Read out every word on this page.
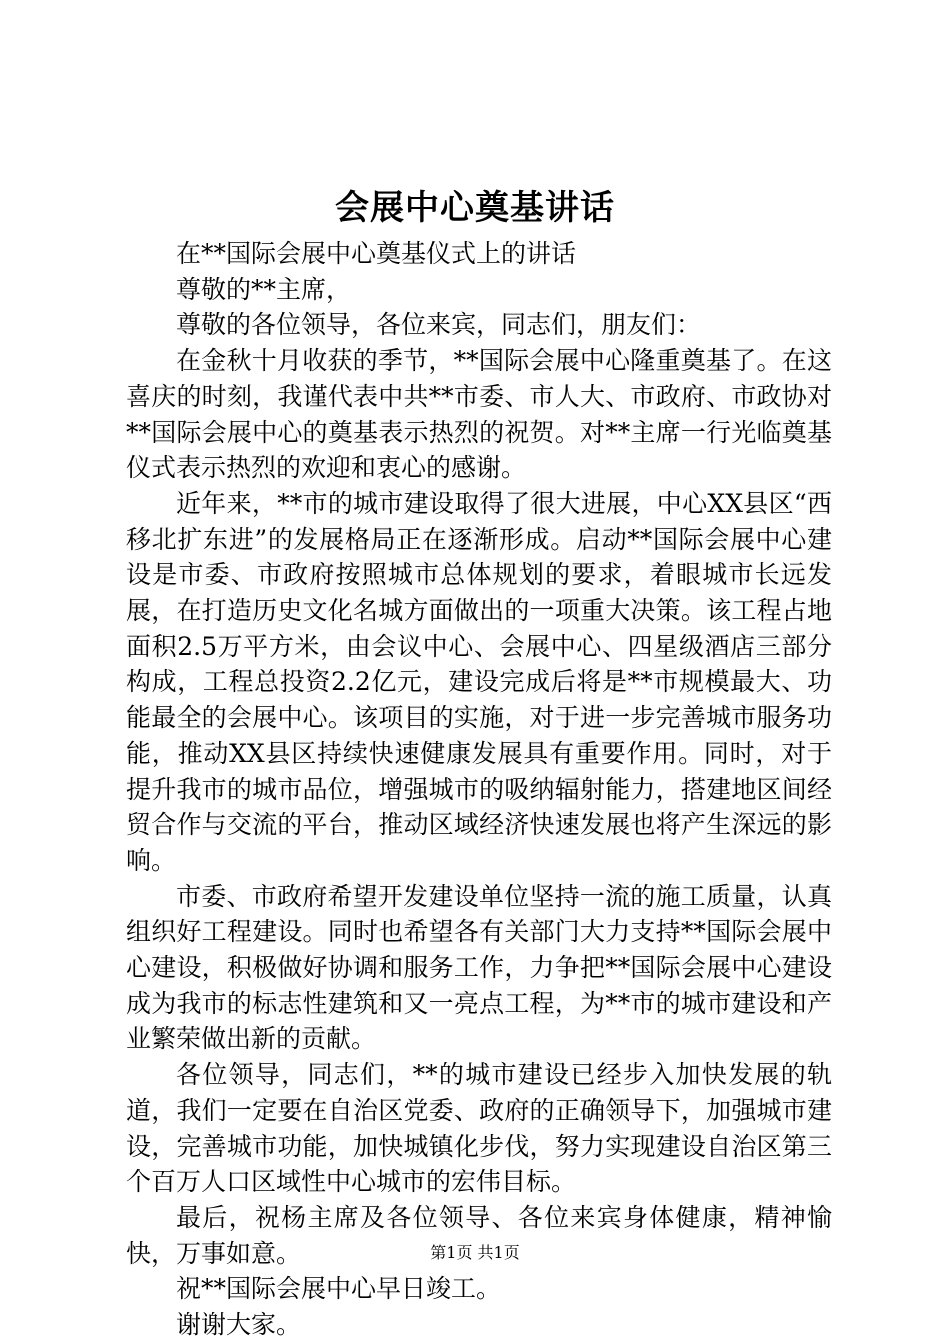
会展中心奠基讲话

在**国际会展中心奠基仪式上的讲话

尊敬的**主席，

尊敬的各位领导，各位来宾，同志们，朋友们：

在金秋十月收获的季节，**国际会展中心隆重奠基了。在这喜庆的时刻，我谨代表中共**市委、市人大、市政府、市政协对**国际会展中心的奠基表示热烈的祝贺。对**主席一行光临奠基仪式表示热烈的欢迎和衷心的感谢。

近年来，**市的城市建设取得了很大进展，中心XX县区“西移北扩东进”的发展格局正在逐渐形成。启动**国际会展中心建设是市委、市政府按照城市总体规划的要求，着眼城市长远发展，在打造历史文化名城方面做出的一项重大决策。该工程占地面积2.5万平方米，由会议中心、会展中心、四星级酒店三部分构成，工程总投资2.2亿元，建设完成后将是**市规模最大、功能最全的会展中心。该项目的实施，对于进一步完善城市服务功能，推动XX县区持续快速健康发展具有重要作用。同时，对于提升我市的城市品位，增强城市的吸纳辐射能力，搭建地区间经贸合作与交流的平台，推动区域经济快速发展也将产生深远的影响。

市委、市政府希望开发建设单位坚持一流的施工质量，认真组织好工程建设。同时也希望各有关部门大力支持**国际会展中心建设，积极做好协调和服务工作，力争把**国际会展中心建设成为我市的标志性建筑和又一亮点工程，为**市的城市建设和产业繁荣做出新的贡献。

各位领导，同志们，**的城市建设已经步入加快发展的轨道，我们一定要在自治区党委、政府的正确领导下，加强城市建设，完善城市功能，加快城镇化步伐，努力实现建设自治区第三个百万人口区域性中心城市的宏伟目标。

最后，祝杨主席及各位领导、各位来宾身体健康，精神愉快，万事如意。

祝**国际会展中心早日竣工。

谢谢大家。

第1页 共1页
